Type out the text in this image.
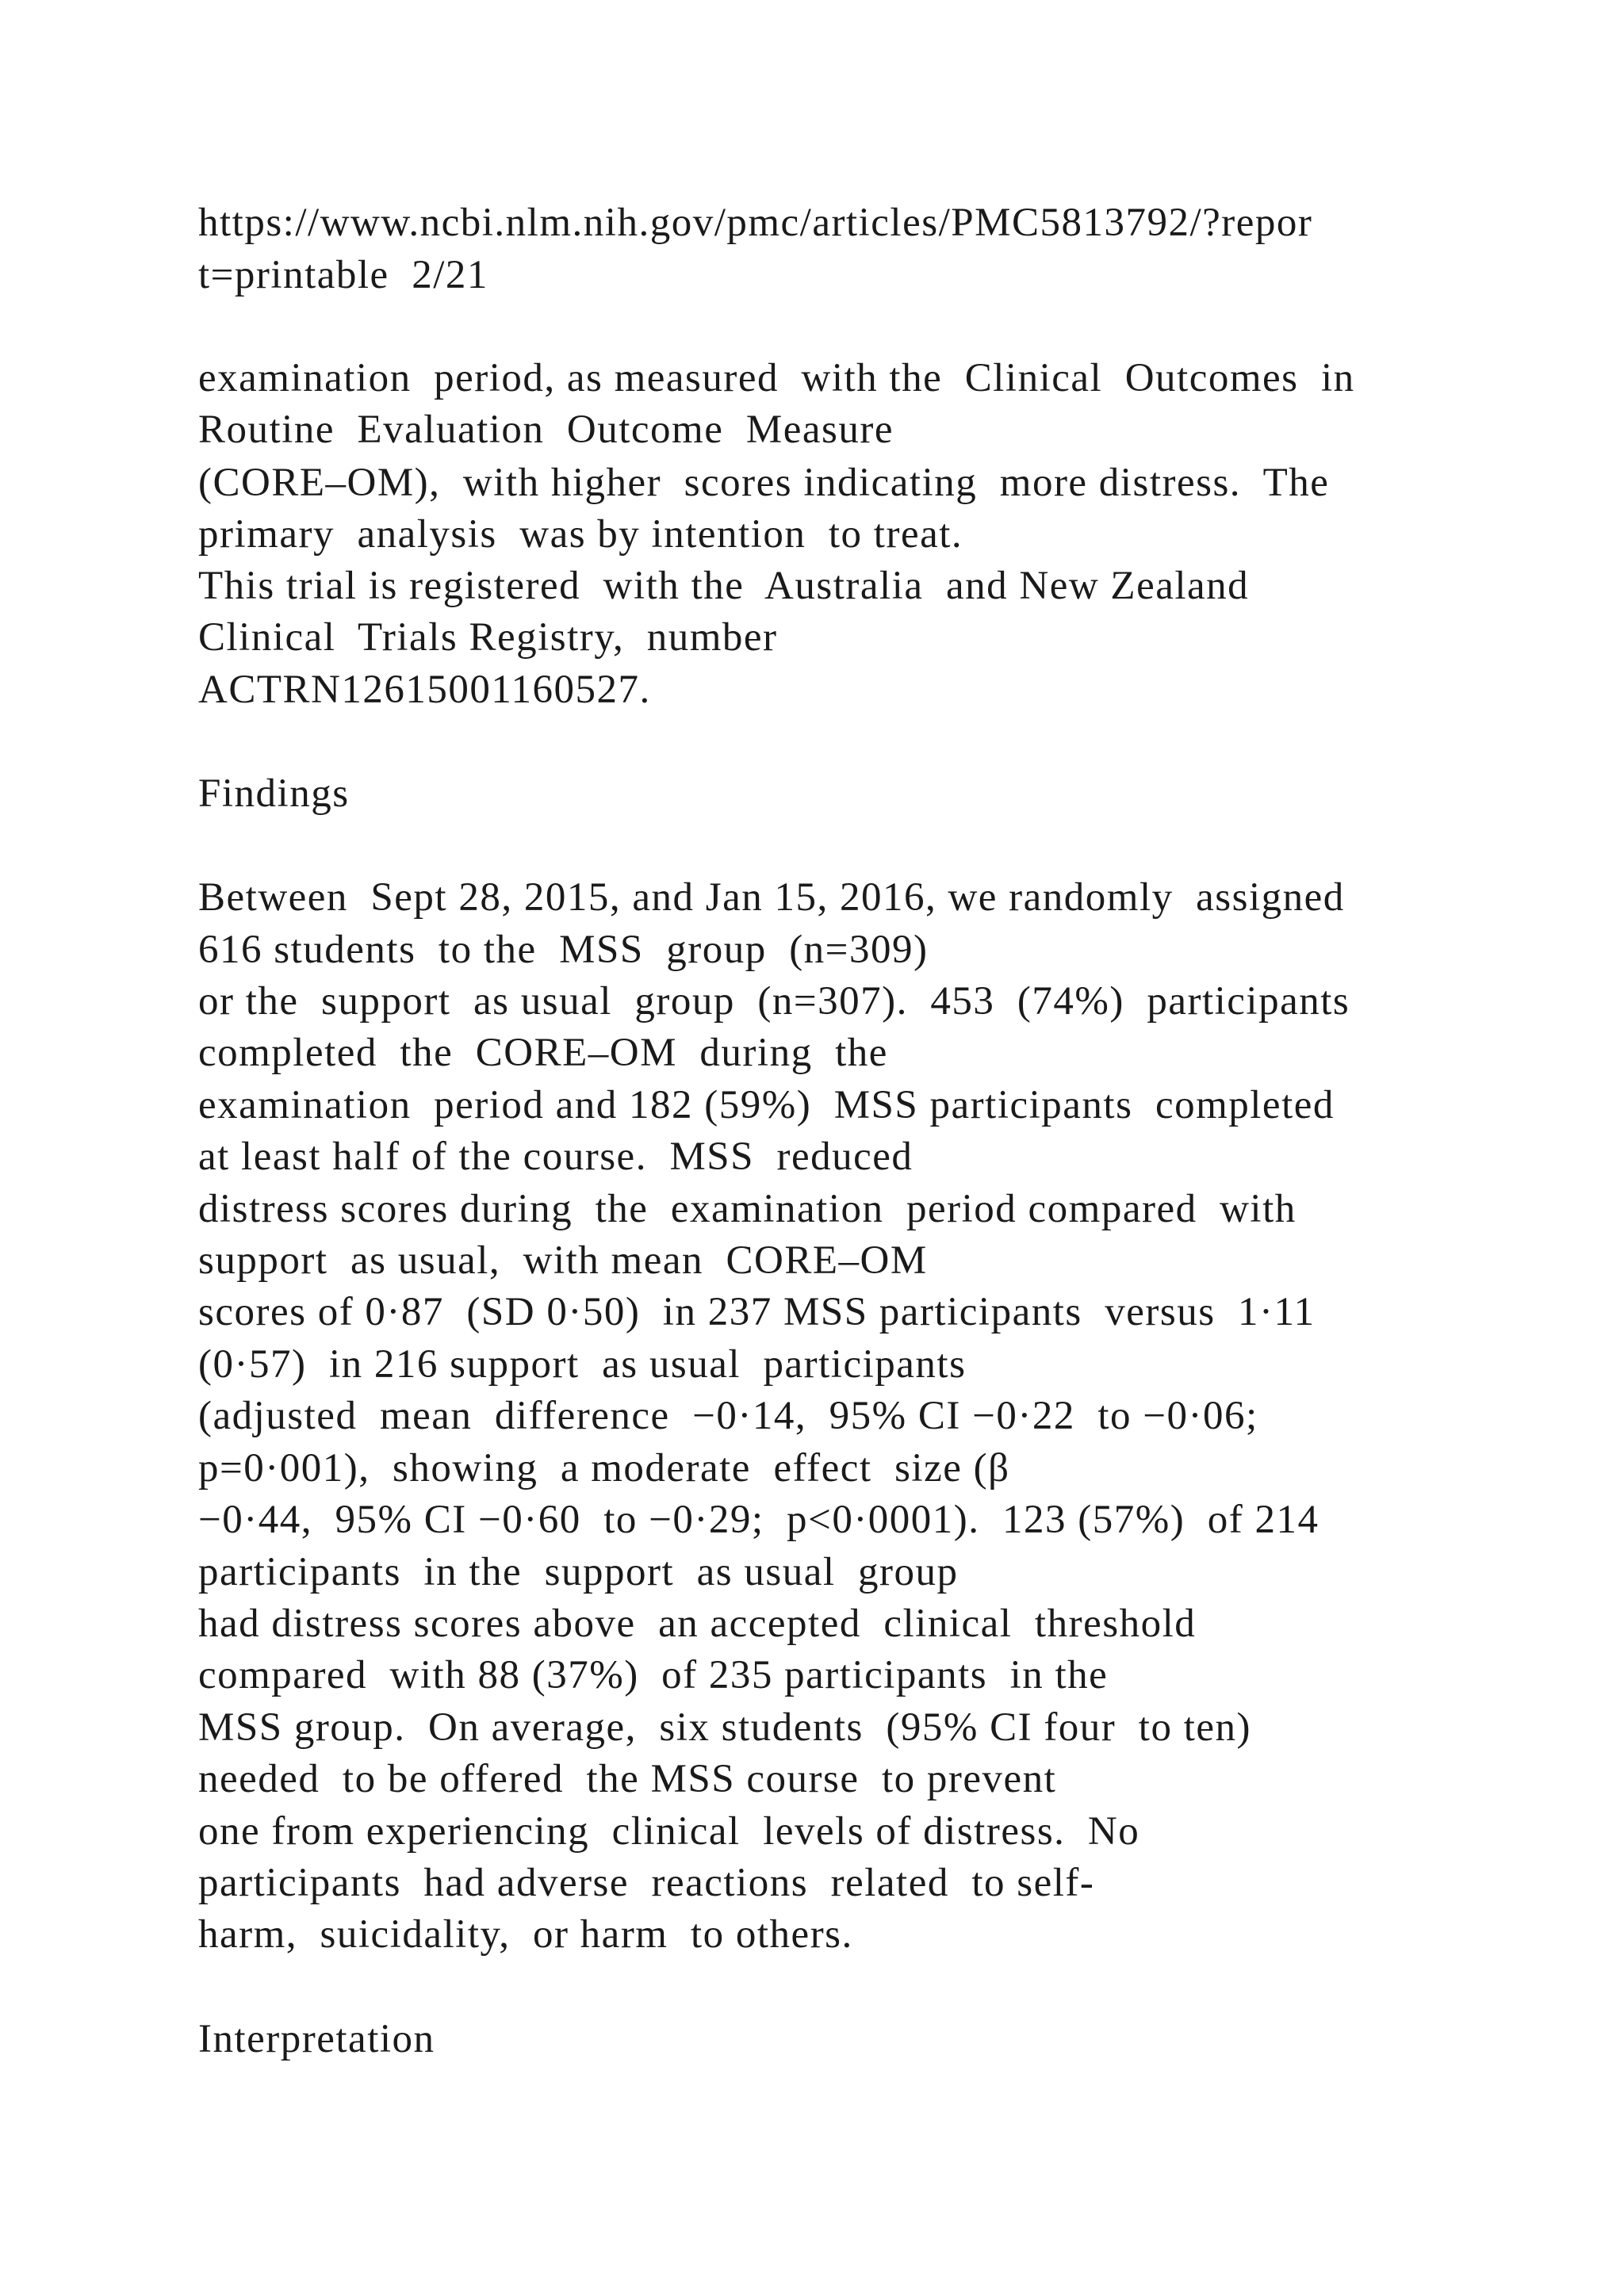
https://www.ncbi.nlm.nih.gov/pmc/articles/PMC5813792/?repor
t=printable  2/21
examination  period, as measured  with the  Clinical  Outcomes  in
Routine  Evaluation  Outcome  Measure
(CORE–OM),  with higher  scores indicating  more distress.  The
primary  analysis  was by intention  to treat.
This trial is registered  with the  Australia  and New Zealand
Clinical  Trials Registry,  number
ACTRN12615001160527.
Findings
Between  Sept 28, 2015, and Jan 15, 2016, we randomly  assigned
616 students  to the  MSS  group  (n=309)
or the  support  as usual  group  (n=307).  453  (74%)  participants
completed  the  CORE–OM  during  the
examination  period and 182 (59%)  MSS participants  completed
at least half of the course.  MSS  reduced
distress scores during  the  examination  period compared  with
support  as usual,  with mean  CORE–OM
scores of 0·87  (SD 0·50)  in 237 MSS participants  versus  1·11
(0·57)  in 216 support  as usual  participants
(adjusted  mean  difference  −0·14,  95% CI −0·22  to −0·06;
p=0·001),  showing  a moderate  effect  size (β
−0·44,  95% CI −0·60  to −0·29;  p<0·0001).  123 (57%)  of 214
participants  in the  support  as usual  group
had distress scores above  an accepted  clinical  threshold
compared  with 88 (37%)  of 235 participants  in the
MSS group.  On average,  six students  (95% CI four  to ten)
needed  to be offered  the MSS course  to prevent
one from experiencing  clinical  levels of distress.  No
participants  had adverse  reactions  related  to self-
harm,  suicidality,  or harm  to others.
Interpretation
